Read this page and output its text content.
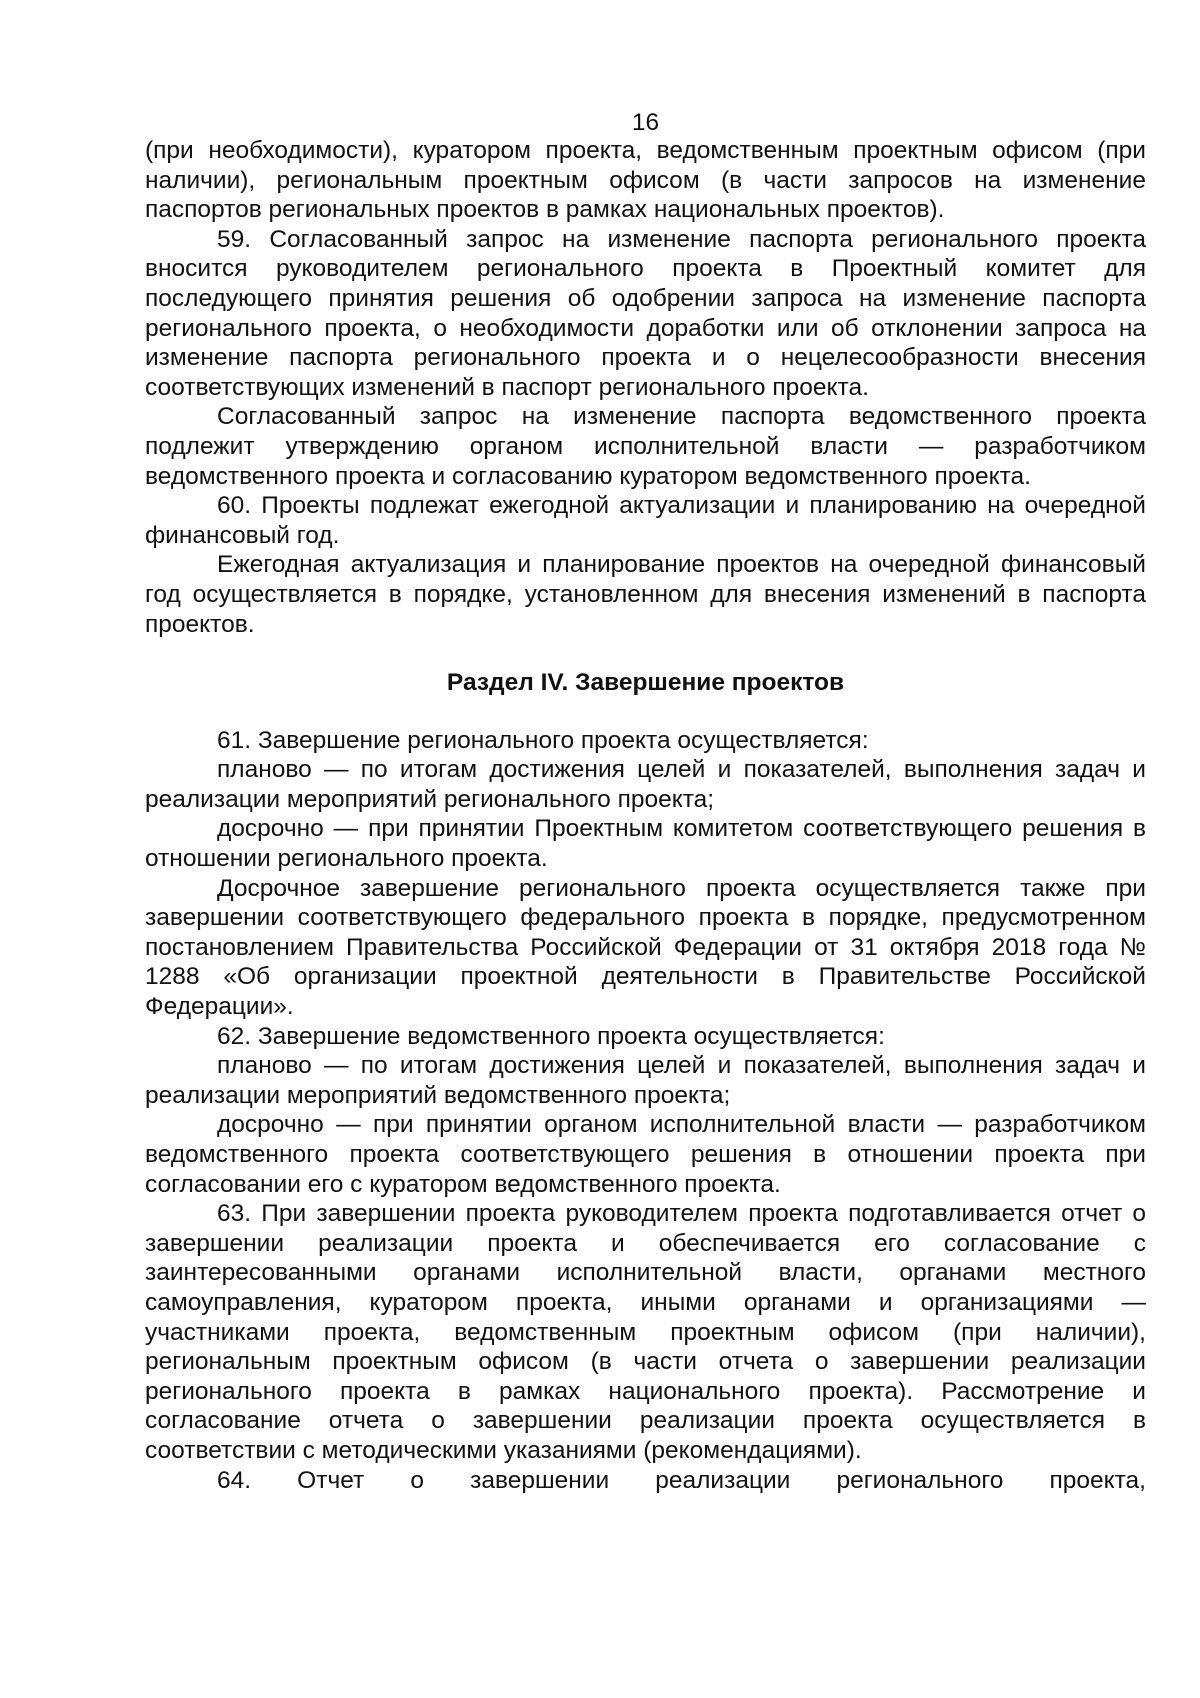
16

(при необходимости), куратором проекта, ведомственным проектным офисом (при наличии), региональным проектным офисом (в части запросов на изменение паспортов региональных проектов в рамках национальных проектов).

59. Согласованный запрос на изменение паспорта регионального проекта вносится руководителем регионального проекта в Проектный комитет для последующего принятия решения об одобрении запроса на изменение паспорта регионального проекта, о необходимости доработки или об отклонении запроса на изменение паспорта регионального проекта и о нецелесообразности внесения соответствующих изменений в паспорт регионального проекта.

Согласованный запрос на изменение паспорта ведомственного проекта подлежит утверждению органом исполнительной власти — разработчиком ведомственного проекта и согласованию куратором ведомственного проекта.

60. Проекты подлежат ежегодной актуализации и планированию на очередной финансовый год.

Ежегодная актуализация и планирование проектов на очередной финансовый год осуществляется в порядке, установленном для внесения изменений в паспорта проектов.

Раздел IV. Завершение проектов

61. Завершение регионального проекта осуществляется:

планово — по итогам достижения целей и показателей, выполнения задач и реализации мероприятий регионального проекта;

досрочно — при принятии Проектным комитетом соответствующего решения в отношении регионального проекта.

Досрочное завершение регионального проекта осуществляется также при завершении соответствующего федерального проекта в порядке, предусмотренном постановлением Правительства Российской Федерации от 31 октября 2018 года № 1288 «Об организации проектной деятельности в Правительстве Российской Федерации».

62. Завершение ведомственного проекта осуществляется:

планово — по итогам достижения целей и показателей, выполнения задач и реализации мероприятий ведомственного проекта;

досрочно — при принятии органом исполнительной власти — разработчиком ведомственного проекта соответствующего решения в отношении проекта при согласовании его с куратором ведомственного проекта.

63. При завершении проекта руководителем проекта подготавливается отчет о завершении реализации проекта и обеспечивается его согласование с заинтересованными органами исполнительной власти, органами местного самоуправления, куратором проекта, иными органами и организациями — участниками проекта, ведомственным проектным офисом (при наличии), региональным проектным офисом (в части отчета о завершении реализации регионального проекта в рамках национального проекта). Рассмотрение и согласование отчета о завершении реализации проекта осуществляется в соответствии с методическими указаниями (рекомендациями).

64. Отчет о завершении реализации регионального проекта,
